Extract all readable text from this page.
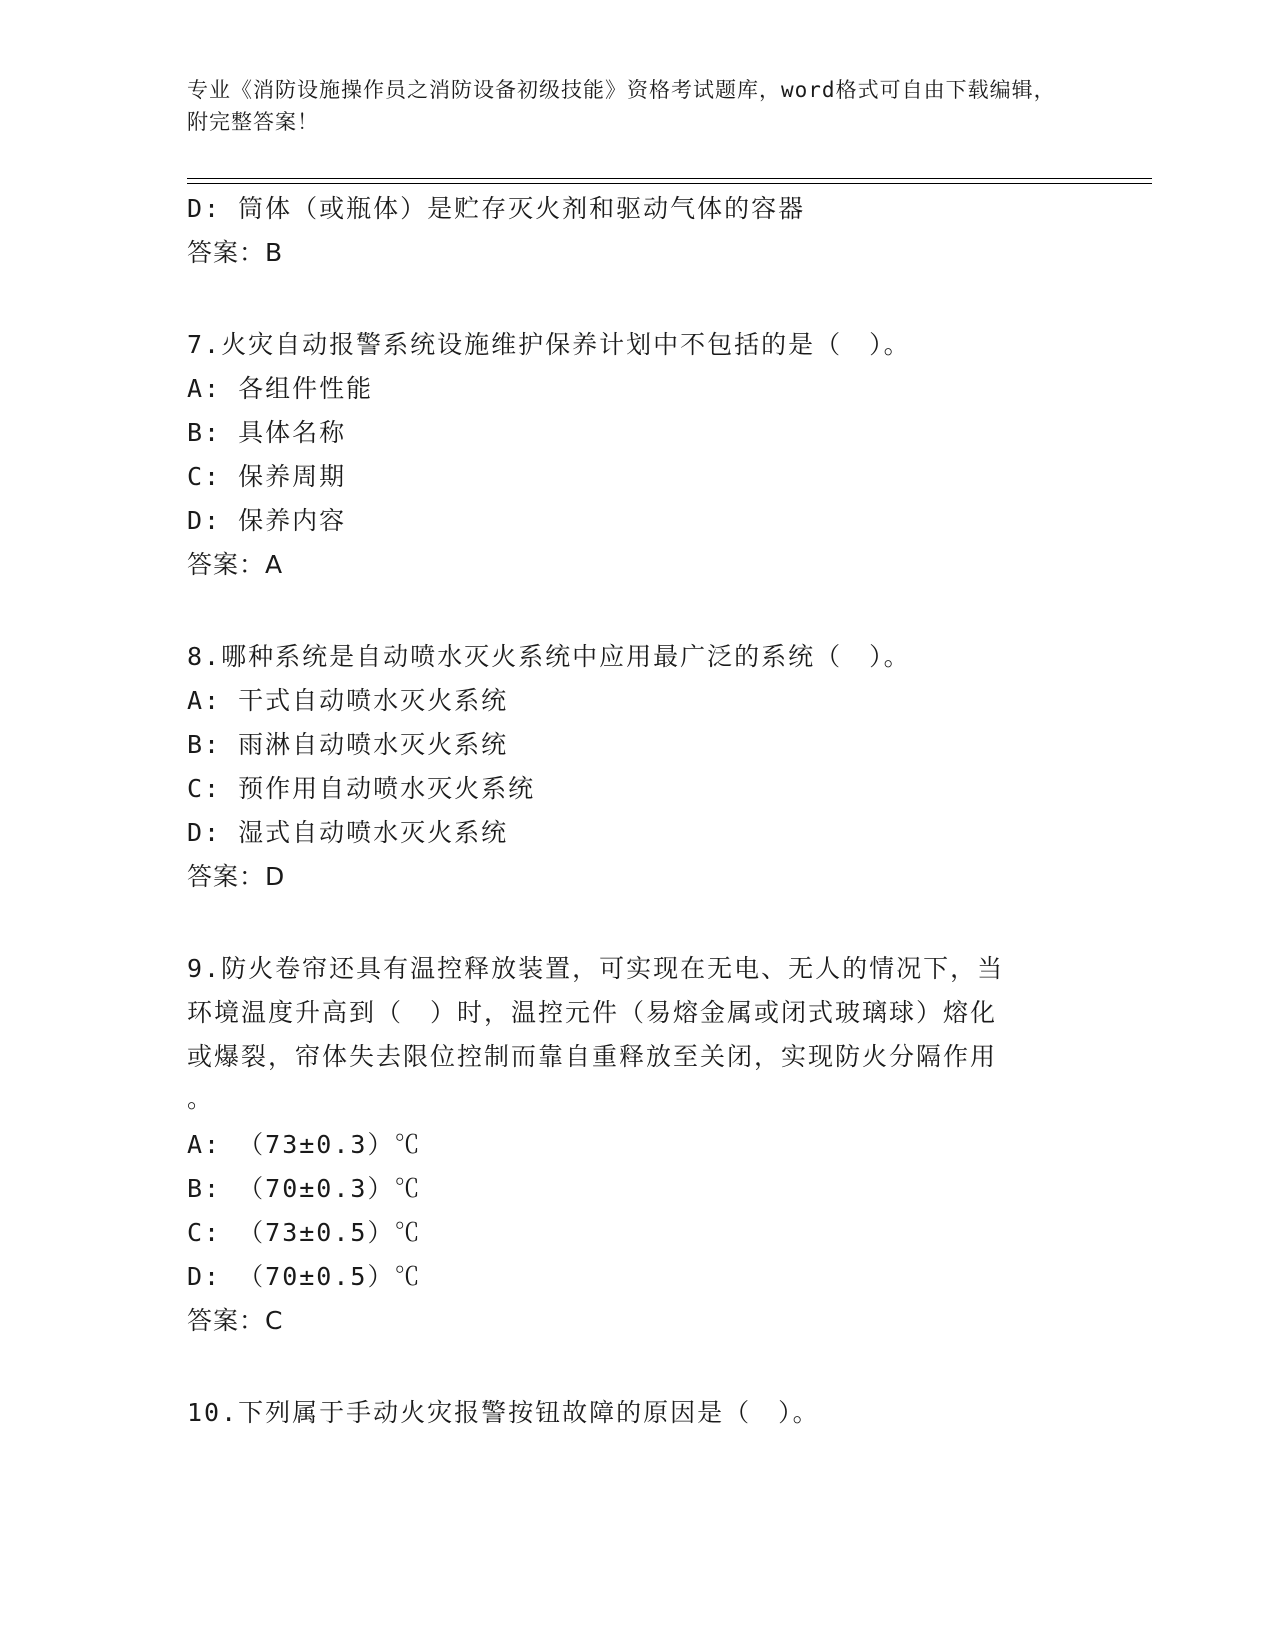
专业《消防设施操作员之消防设备初级技能》资格考试题库，word格式可自由下载编辑，附完整答案！
D: 筒体（或瓶体）是贮存灭火剂和驱动气体的容器
答案：B
7.火灾自动报警系统设施维护保养计划中不包括的是（　）。
A: 各组件性能
B: 具体名称
C: 保养周期
D: 保养内容
答案：A
8.哪种系统是自动喷水灭火系统中应用最广泛的系统（　）。
A: 干式自动喷水灭火系统
B: 雨淋自动喷水灭火系统
C: 预作用自动喷水灭火系统
D: 湿式自动喷水灭火系统
答案：D
9.防火卷帘还具有温控释放装置，可实现在无电、无人的情况下，当
环境温度升高到（　）时，温控元件（易熔金属或闭式玻璃球）熔化
或爆裂，帘体失去限位控制而靠自重释放至关闭，实现防火分隔作用
。
A: （73±0.3）℃
B: （70±0.3）℃
C: （73±0.5）℃
D: （70±0.5）℃
答案：C
10.下列属于手动火灾报警按钮故障的原因是（　）。
